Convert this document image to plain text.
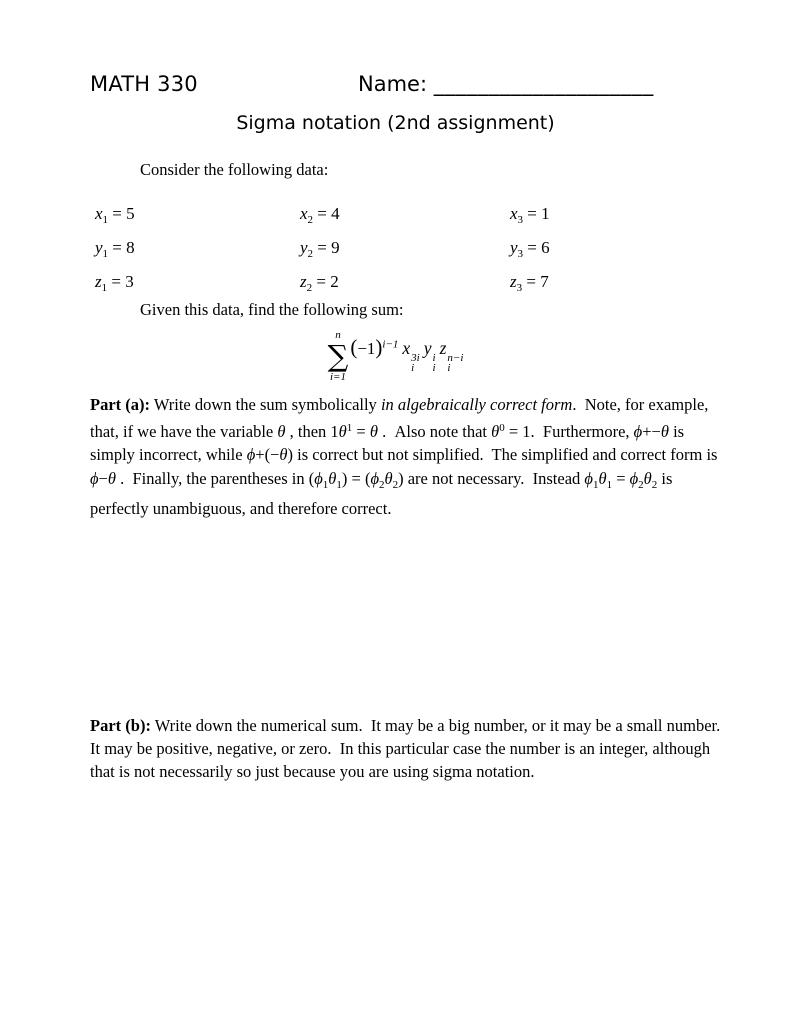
MATH 330	Name: ____________________
Sigma notation (2nd assignment)
Consider the following data:
$x_1 = 5$
$y_1 = 8$
$z_1 = 3$
$x_2 = 4$
$y_2 = 9$
$z_2 = 2$
$x_3 = 1$
$y_3 = 6$
$z_3 = 7$
Given this data, find the following sum:
n
∑
i=1
$(-1)^{i-1}$ x 3i
i
y i
i
z n−i
i
Part (a): Write down the sum symbolically in algebraically correct form.  Note, for example,
that, if we have the variable θ , then $1\theta^1 = \theta$ .  Also note that $\theta^0 = 1$.  Furthermore, ϕ+−θ is
simply incorrect, while ϕ+(−θ) is correct but not simplified.  The simplified and correct form is
ϕ−θ .  Finally, the parentheses in $(\phi_1\theta_1) = (\phi_2\theta_2)$ are not necessary.  Instead $\phi_1\theta_1 = \phi_2\theta_2$ is
perfectly unambiguous, and therefore correct.
Part (b): Write down the numerical sum.  It may be a big number, or it may be a small number.
It may be positive, negative, or zero.  In this particular case the number is an integer, although
that is not necessarily so just because you are using sigma notation.
